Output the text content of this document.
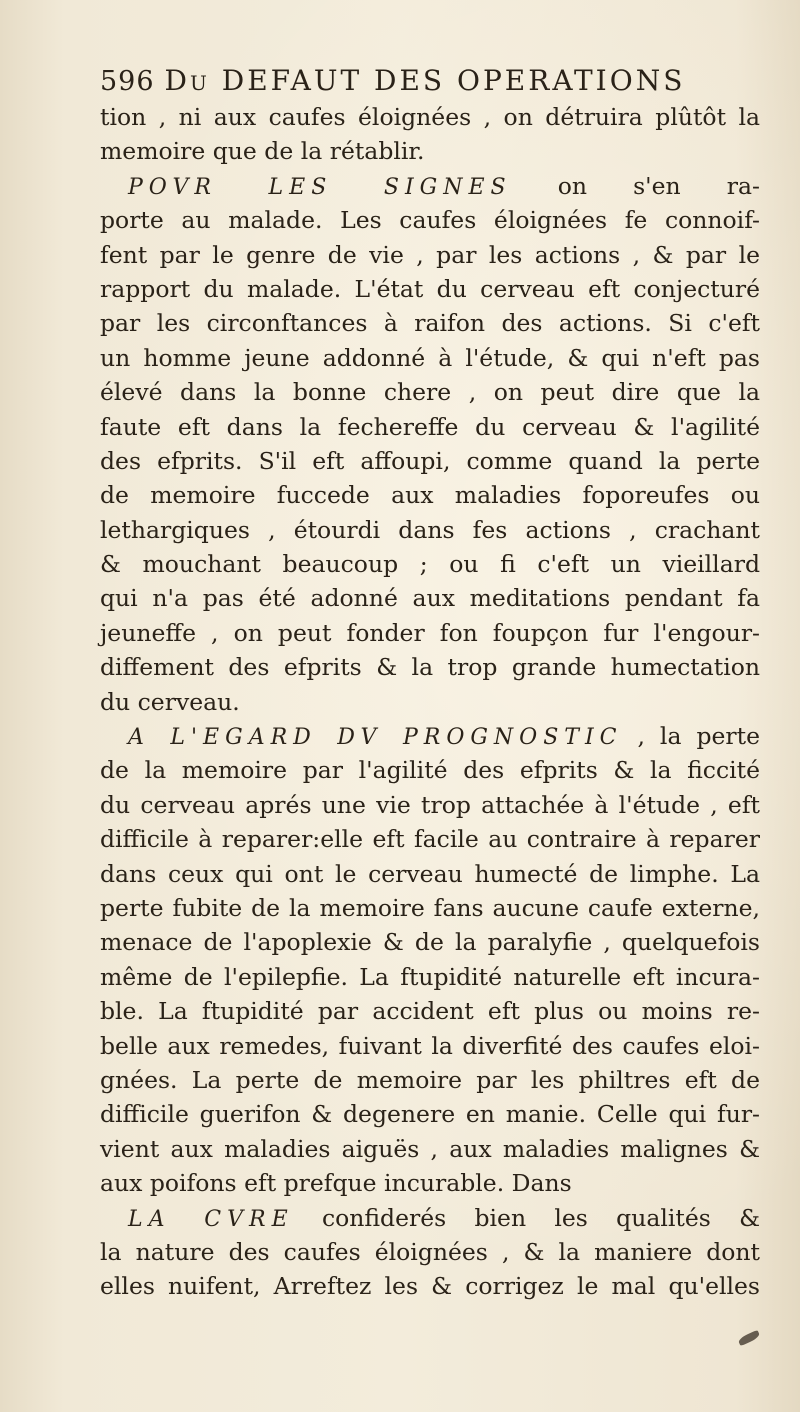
596 Du DEFAUT DES OPERATIONS
tion , ni aux caufes éloignées , on détruira plûtôt la
memoire que de la rétablir.
POVR LES SIGNES on s'en ra-
porte au malade. Les caufes éloignées fe connoif-
fent par le genre de vie , par les actions , & par le
rapport du malade. L'état du cerveau eft conjecturé
par les circonftances à raifon des actions. Si c'eft
un homme jeune addonné à l'étude, & qui n'eft pas
élevé dans la bonne chere , on peut dire que la
faute eft dans la fechereffe du cerveau & l'agilité
des efprits. S'il eft affoupi, comme quand la perte
de memoire fuccede aux maladies foporeufes ou
lethargiques , étourdi dans fes actions , crachant
& mouchant beaucoup ; ou fi c'eft un vieillard
qui n'a pas été adonné aux meditations pendant fa
jeuneffe , on peut fonder fon foupçon fur l'engour-
diffement des efprits & la trop grande humectation
du cerveau.
A L'EGARD DV PROGNOSTIC , la perte
de la memoire par l'agilité des efprits & la ficcité
du cerveau aprés une vie trop attachée à l'étude , eft
difficile à reparer:elle eft facile au contraire à reparer
dans ceux qui ont le cerveau humecté de limphe. La
perte fubite de la memoire fans aucune caufe externe,
menace de l'apoplexie & de la paralyfie , quelquefois
même de l'epilepfie. La ftupidité naturelle eft incura-
ble. La ftupidité par accident eft plus ou moins re-
belle aux remedes, fuivant la diverfité des caufes eloi-
gnées. La perte de memoire par les philtres eft de
difficile guerifon & degenere en manie. Celle qui fur-
vient aux maladies aiguës , aux maladies malignes &
aux poifons eft prefque incurable. Dans
LA CVRE confiderés bien les qualités &
la nature des caufes éloignées , & la maniere dont
elles nuifent, Arreftez les & corrigez le mal qu'elles
